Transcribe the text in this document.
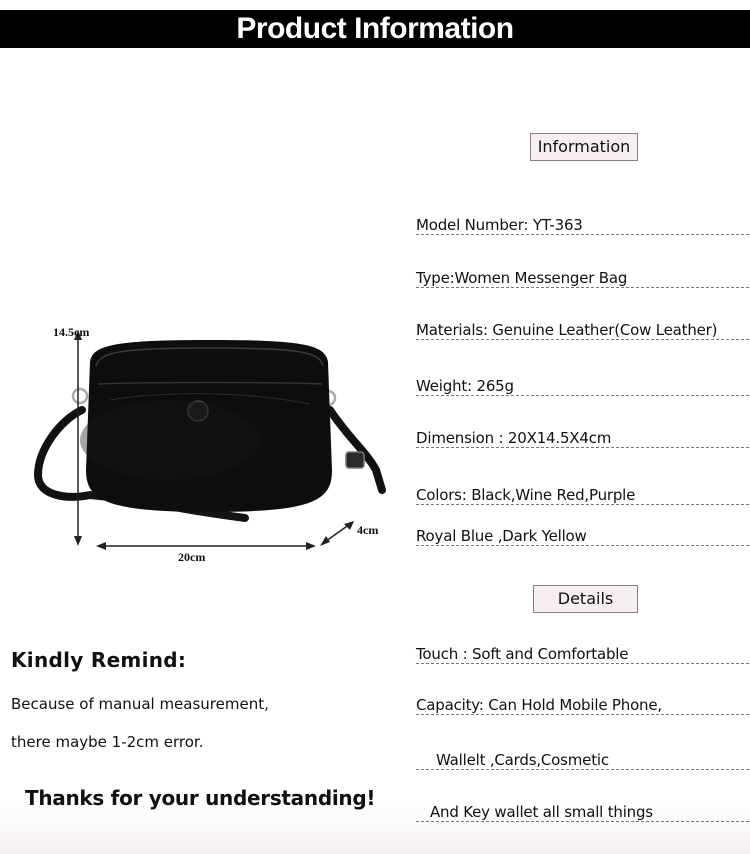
Product Information
Information
Model Number: YT-363
Type:Women Messenger Bag
Materials: Genuine Leather(Cow Leather)
Weight: 265g
Dimension : 20X14.5X4cm
Colors: Black,Wine Red,Purple
Royal Blue ,Dark Yellow
Details
Touch : Soft and Comfortable
Capacity: Can Hold Mobile Phone,
Wallelt ,Cards,Cosmetic
And Key wallet all small things
14.5cm
20cm
4cm
Kindly Remind:
Because of manual measurement,
there maybe 1-2cm error.
Thanks for your understanding!
